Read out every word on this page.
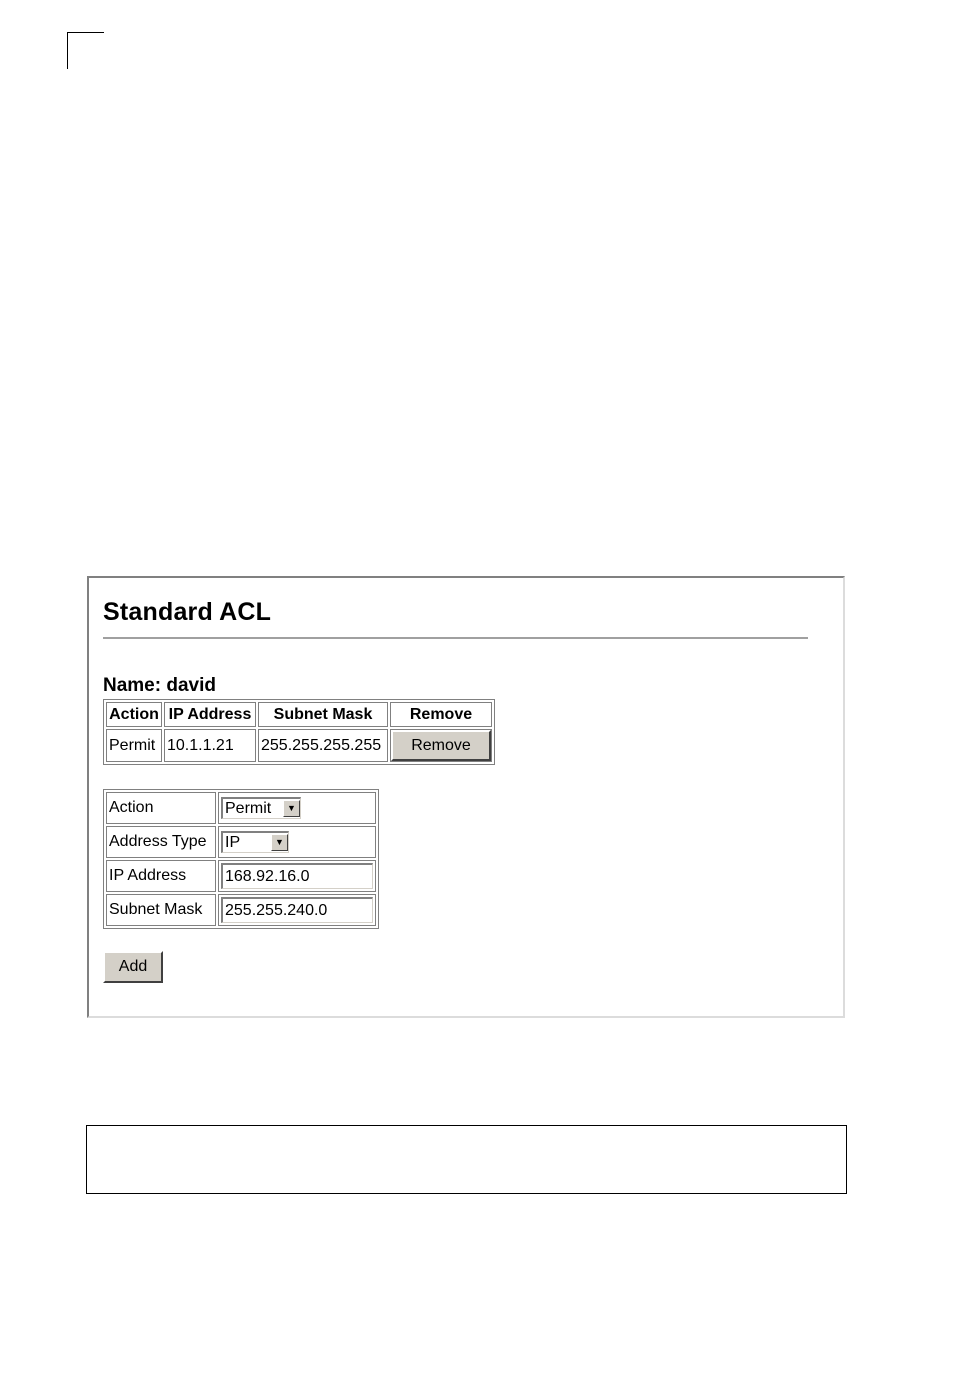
Standard ACL
Name: david
Action	IP Address	Subnet Mask	Remove
Permit	10.1.1.21	255.255.255.255	Remove
Action	Permit ▼

Address Type	IP ▼

IP Address	168.92.16.0
Subnet Mask	255.255.240.0
Add
